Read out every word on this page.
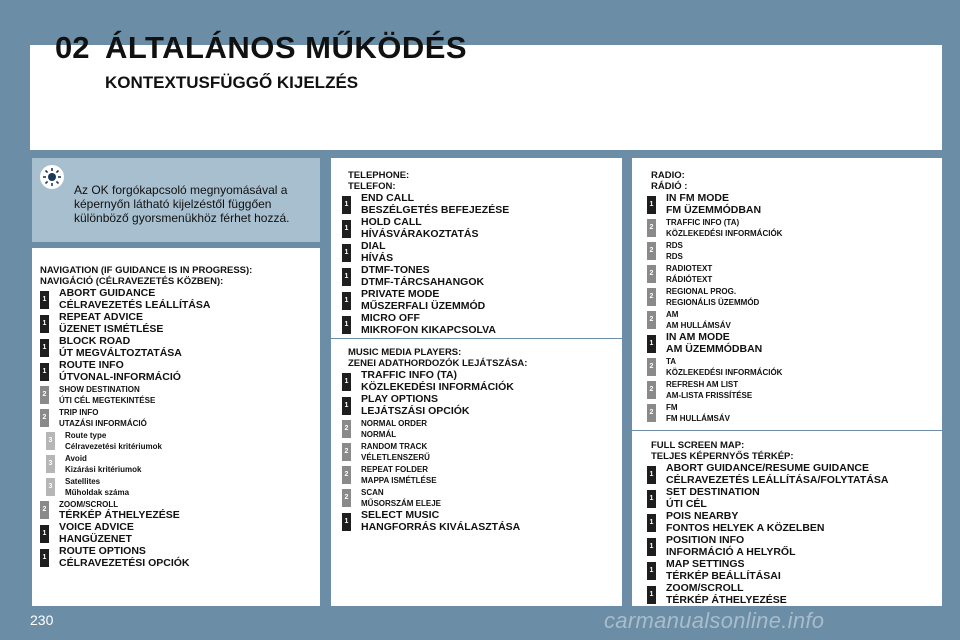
02 ÁLTALÁNOS MŰKÖDÉS
KONTEXTUSFÜGGŐ KIJELZÉS
Az OK forgókapcsoló megnyomásával a képernyőn látható kijelzéstől függően különböző gyorsmenükhöz férhet hozzá.
NAVIGATION (IF GUIDANCE IS IN PROGRESS):
NAVIGÁCIÓ (CÉLRAVEZETÉS KÖZBEN):
1 ABORT GUIDANCE
CÉLRAVEZETÉS LEÁLLÍTÁSA
1 REPEAT ADVICE
ÜZENET ISMÉTLÉSE
1 BLOCK ROAD
ÚT MEGVÁLTOZTATÁSA
1 ROUTE INFO
ÚTVONAL-INFORMÁCIÓ
2
SHOW DESTINATION
ÚTI CÉL MEGTEKINTÉSE
2
TRIP INFO
UTAZÁSI INFORMÁCIÓ
3
Route type
Célravezetési kritériumok
3
Avoid
Kizárási kritériumok
3
Satellites
Műholdak száma
2
ZOOM/SCROLL
TÉRKÉP ÁTHELYEZÉSE
1 VOICE ADVICE
HANGÜZENET
1 ROUTE OPTIONS
CÉLRAVEZETÉSI OPCIÓK
TELEPHONE:
TELEFON:
1 END CALL
BESZÉLGETÉS BEFEJEZÉSE
1 HOLD CALL
HÍVÁSVÁRAKOZTATÁS
1 DIAL
HÍVÁS
1 DTMF-TONES
DTMF-TÁRCSAHANGOK
1 PRIVATE MODE
MŰSZERFALI ÜZEMMÓD
1 MICRO OFF
MIKROFON KIKAPCSOLVA
MUSIC MEDIA PLAYERS:
ZENEI ADATHORDOZÓK LEJÁTSZÁSA:
1 TRAFFIC INFO (TA)
KÖZLEKEDÉSI INFORMÁCIÓK
1 PLAY OPTIONS
LEJÁTSZÁSI OPCIÓK
2
NORMAL ORDER
NORMÁL
2
RANDOM TRACK
VÉLETLENSZERŰ
2
REPEAT FOLDER
MAPPA ISMÉTLÉSE
2
SCAN
MŰSORSZÁM ELEJE
1 SELECT MUSIC
HANGFORRÁS KIVÁLASZTÁSA
RADIO:
RÁDIÓ :
1 IN FM MODE
FM ÜZEMMÓDBAN
2
TRAFFIC INFO (TA)
KÖZLEKEDÉSI INFORMÁCIÓK
2
RDS
RDS
2
RADIOTEXT
RÁDIÓTEXT
2
REGIONAL PROG.
REGIONÁLIS ÜZEMMÓD
2
AM
AM HULLÁMSÁV
1 IN AM MODE
AM ÜZEMMÓDBAN
2
TA
KÖZLEKEDÉSI INFORMÁCIÓK
2
REFRESH AM LIST
AM-LISTA FRISSÍTÉSE
2
FM
FM HULLÁMSÁV
FULL SCREEN MAP:
TELJES KÉPERNYŐS TÉRKÉP:
1 ABORT GUIDANCE/RESUME GUIDANCE
CÉLRAVEZETÉS LEÁLLÍTÁSA/FOLYTATÁSA
1 SET DESTINATION
ÚTI CÉL
1 POIS NEARBY
FONTOS HELYEK A KÖZELBEN
1 POSITION INFO
INFORMÁCIÓ A HELYRŐL
1 MAP SETTINGS
TÉRKÉP BEÁLLÍTÁSAI
1 ZOOM/SCROLL
TÉRKÉP ÁTHELYEZÉSE
230	carmanualsonline.info
